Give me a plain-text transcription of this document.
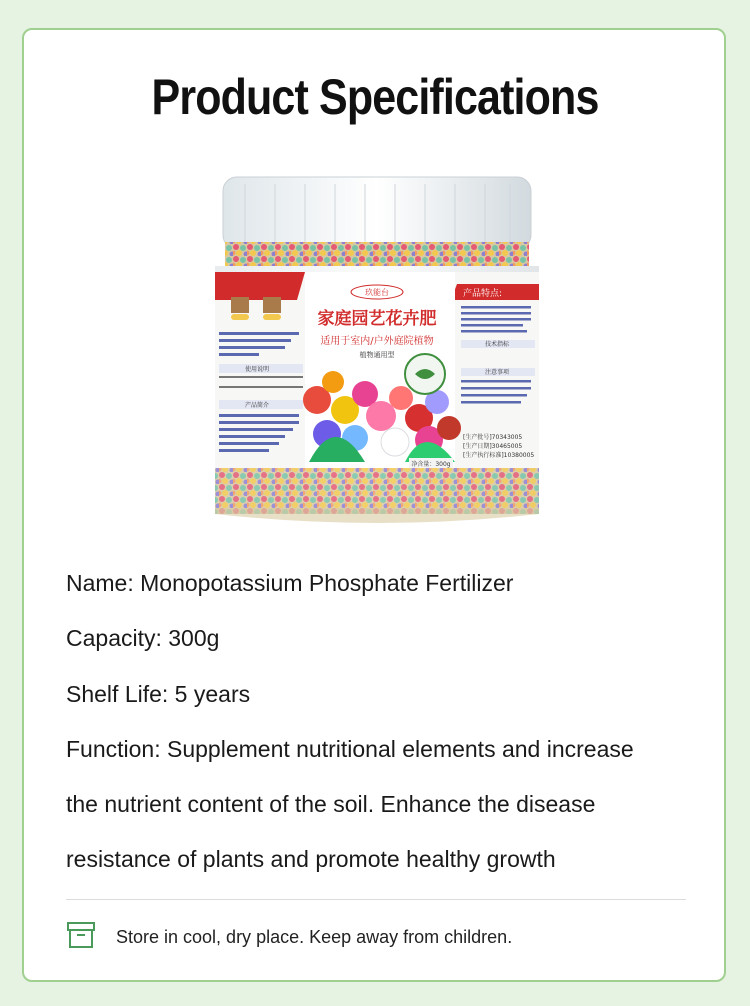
Product Specifications
产品特点:
使用说明
产品简介
技术指标
注意事项
[生产批号]70343005
[生产日期]30465005
[生产执行标准]10380005
玖能台
家庭园艺花卉肥
适用于室内/户外庭院植物
植物通用型
净含量：300g
Name: Monopotassium Phosphate Fertilizer
Capacity: 300g
Shelf Life: 5 years
Function: Supplement nutritional elements and increase
the nutrient content of the soil. Enhance the disease
resistance of plants and promote healthy growth
Store in cool, dry place. Keep away from children.
